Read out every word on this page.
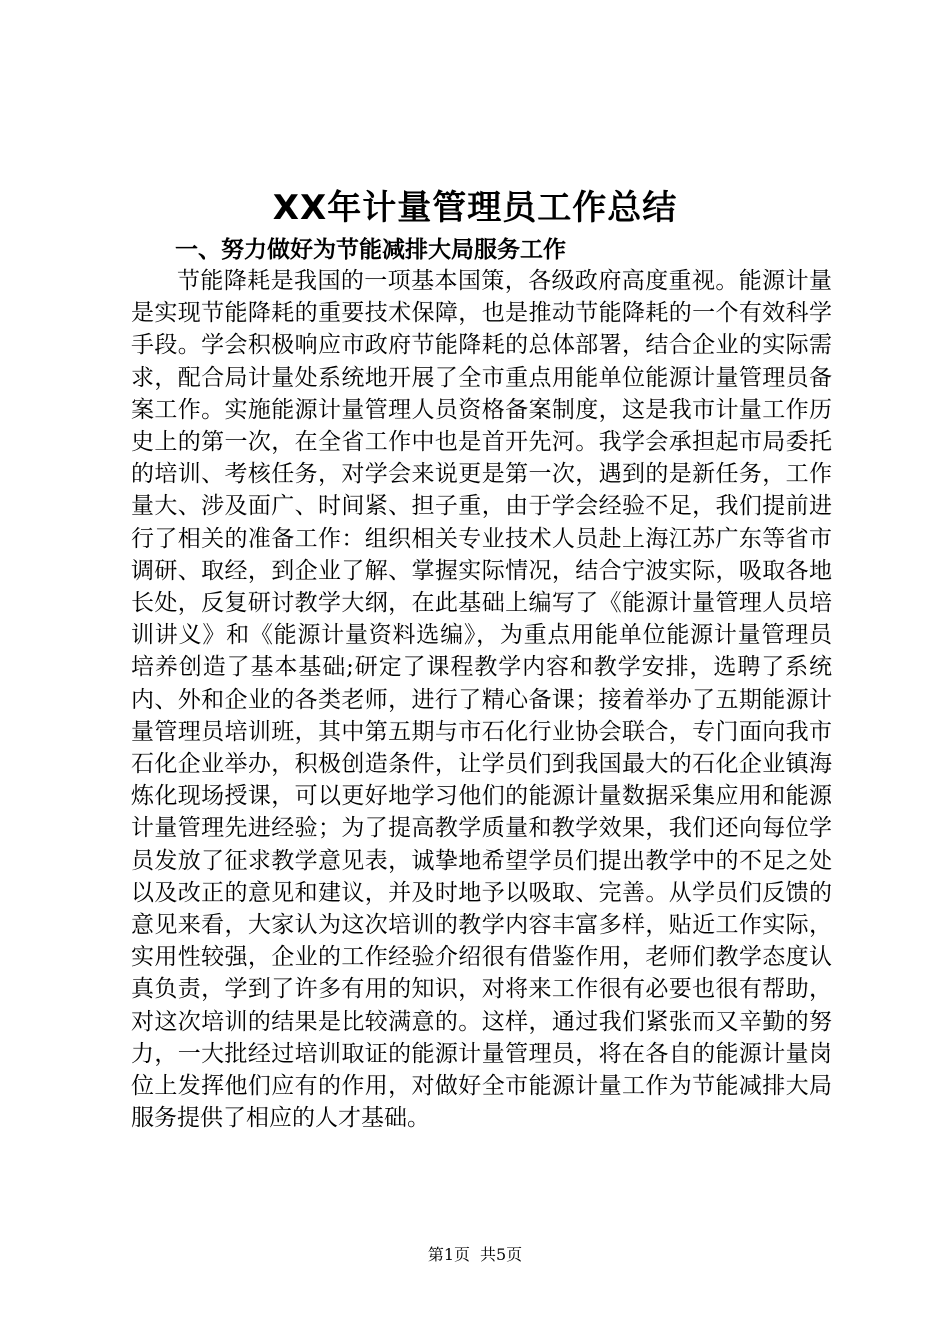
XX年计量管理员工作总结
一、努力做好为节能减排大局服务工作

节能降耗是我国的一项基本国策，各级政府高度重视。能源计量是实现节能降耗的重要技术保障，也是推动节能降耗的一个有效科学手段。学会积极响应市政府节能降耗的总体部署，结合企业的实际需求，配合局计量处系统地开展了全市重点用能单位能源计量管理员备案工作。实施能源计量管理人员资格备案制度，这是我市计量工作历史上的第一次，在全省工作中也是首开先河。我学会承担起市局委托的培训、考核任务，对学会来说更是第一次，遇到的是新任务，工作量大、涉及面广、时间紧、担子重，由于学会经验不足，我们提前进行了相关的准备工作：组织相关专业技术人员赴上海江苏广东等省市调研、取经，到企业了解、掌握实际情况，结合宁波实际，吸取各地长处，反复研讨教学大纲，在此基础上编写了《能源计量管理人员培训讲义》和《能源计量资料选编》，为重点用能单位能源计量管理员培养创造了基本基础;研定了课程教学内容和教学安排，选聘了系统内、外和企业的各类老师，进行了精心备课；接着举办了五期能源计量管理员培训班，其中第五期与市石化行业协会联合，专门面向我市石化企业举办，积极创造条件，让学员们到我国最大的石化企业镇海炼化现场授课，可以更好地学习他们的能源计量数据采集应用和能源计量管理先进经验；为了提高教学质量和教学效果，我们还向每位学员发放了征求教学意见表，诚挚地希望学员们提出教学中的不足之处以及改正的意见和建议，并及时地予以吸取、完善。从学员们反馈的意见来看，大家认为这次培训的教学内容丰富多样，贴近工作实际，实用性较强，企业的工作经验介绍很有借鉴作用，老师们教学态度认真负责，学到了许多有用的知识，对将来工作很有必要也很有帮助，对这次培训的结果是比较满意的。这样，通过我们紧张而又辛勤的努力，一大批经过培训取证的能源计量管理员，将在各自的能源计量岗位上发挥他们应有的作用，对做好全市能源计量工作为节能减排大局服务提供了相应的人才基础。

第1页 共5页
